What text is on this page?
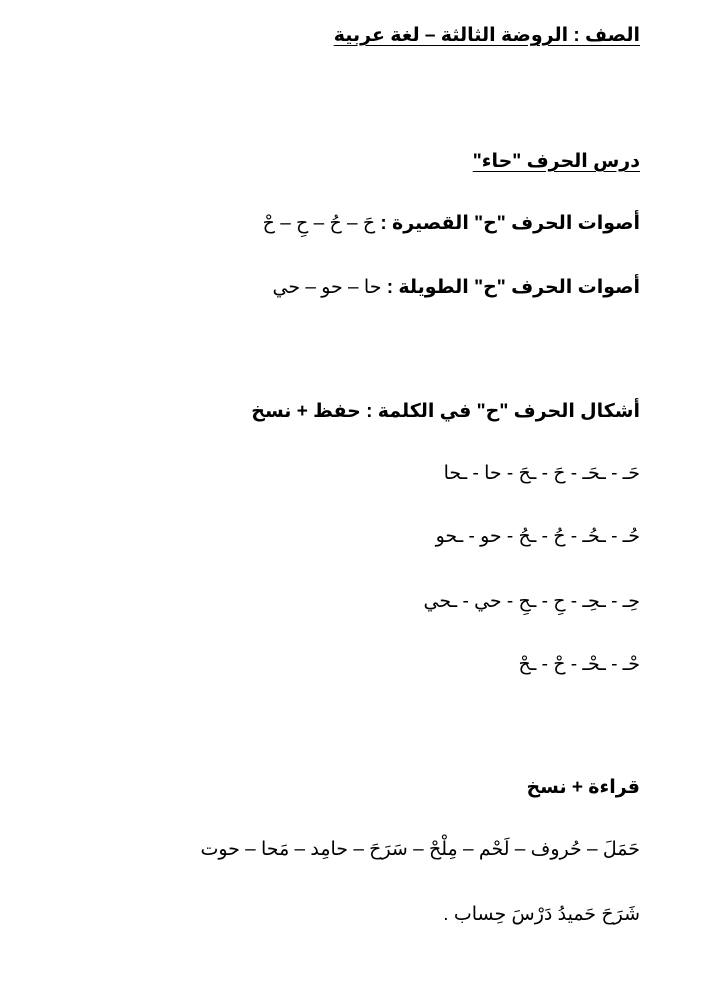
الصف : الروضة الثالثة – لغة عربية
درس الحرف "حاء"
أصوات الحرف "ح" القصيرة : حَ – حُ – حِ – حْ
أصوات الحرف "ح" الطويلة : حا – حو – حي
أشكال الحرف "ح" في الكلمة : حفظ + نسخ
حَـ - ـحَـ - حَ - ـحَ - حا - ـحا
حُـ - ـحُـ - حُ - ـحُ - حو - ـحو
حِـ - ـحِـ - حِ - ـحِ - حي - ـحي
حْـ - ـحْـ - حْ - ـحْ
قراءة + نسخ
حَمَلَ – حُروف – لَحْم – مِلْحْ – سَرَحَ – حامِد – مَحا – حوت
شَرَحَ حَميدُ دَرْسَ حِساب .
